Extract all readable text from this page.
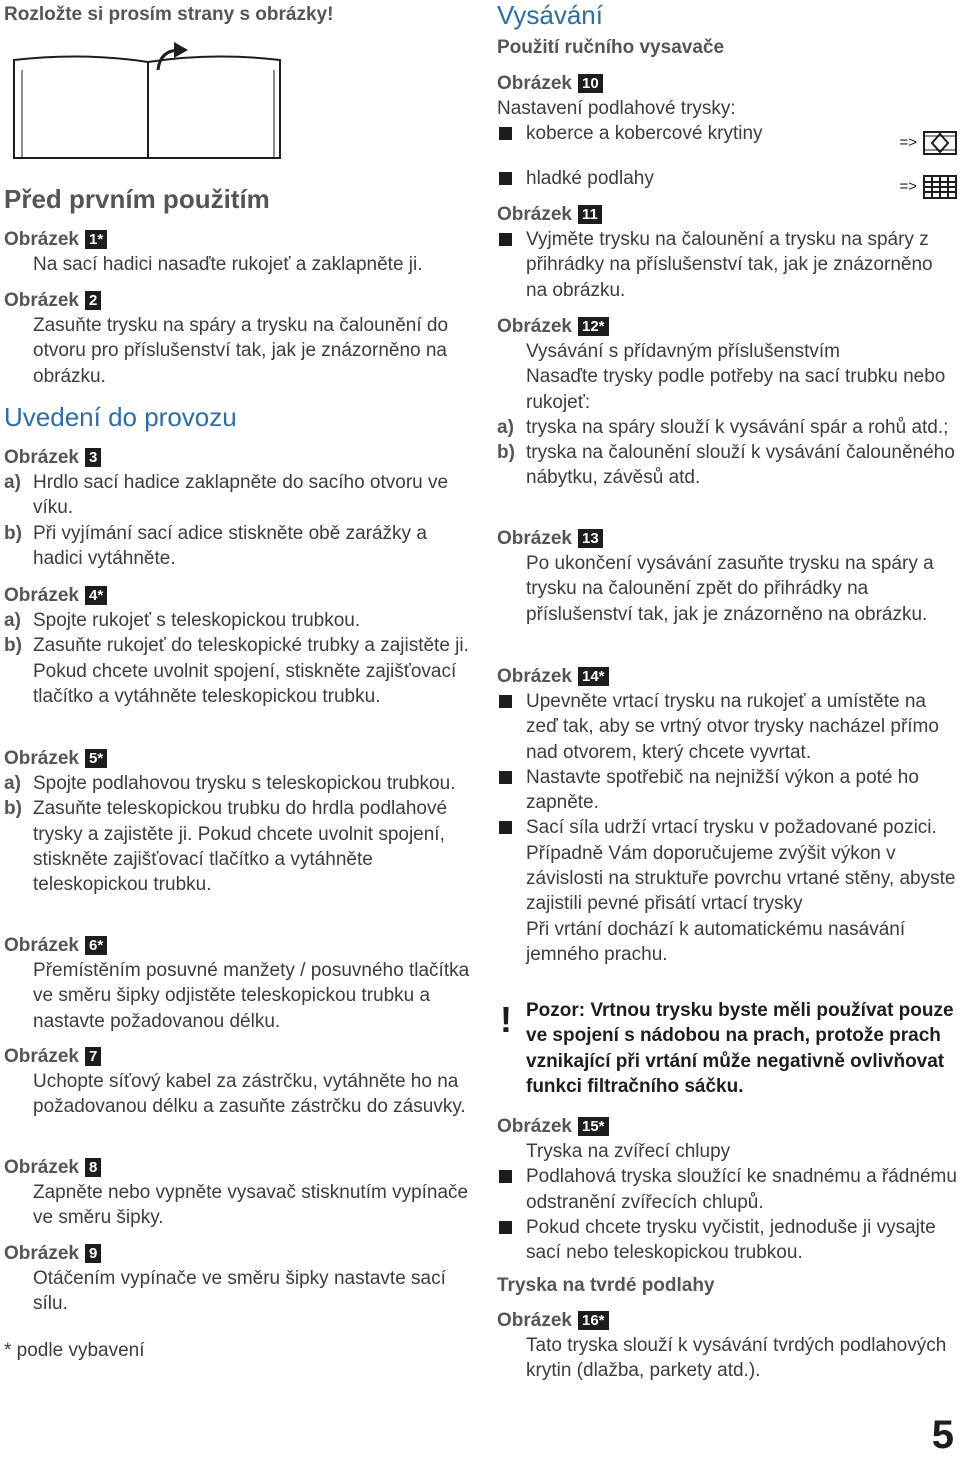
Rozložte si prosím strany s obrázky!
Před prvním použitím
Obrázek 1*
Na sací hadici nasaďte rukojeť a zaklapněte ji.
Obrázek 2
Zasuňte trysku na spáry a trysku na čalounění do otvoru pro příslušenství tak, jak je znázorněno na obrázku.
Uvedení do provozu
Obrázek 3
a) Hrdlo sací hadice zaklapněte do sacího otvoru ve víku.
b) Při vyjímání sací adice stiskněte obě zarážky a hadici vytáhněte.
Obrázek 4*
a) Spojte rukojeť s teleskopickou trubkou.
b) Zasuňte rukojeť do teleskopické trubky a zajistěte ji. Pokud chcete uvolnit spojení, stiskněte zajišťovací tlačítko a vytáhněte teleskopickou trubku.
Obrázek 5*
a) Spojte podlahovou trysku s teleskopickou trubkou.
b) Zasuňte teleskopickou trubku do hrdla podlahové trysky a zajistěte ji. Pokud chcete uvolnit spojení, stiskněte zajišťovací tlačítko a vytáhněte teleskopickou trubku.
Obrázek 6*
Přemístěním posuvné manžety / posuvného tlačítka ve směru šipky odjistěte teleskopickou trubku a nastavte požadovanou délku.
Obrázek 7
Uchopte síťový kabel za zástrčku, vytáhněte ho na požadovanou délku a zasuňte zástrčku do zásuvky.
Obrázek 8
Zapněte nebo vypněte vysavač stisknutím vypínače ve směru šipky.
Obrázek 9
Otáčením vypínače ve směru šipky nastavte sací sílu.
* podle vybavení
Vysávání
Použití ručního vysavače
Obrázek 10
Nastavení podlahové trysky:
koberce a kobercové krytiny	=>
hladké podlahy	=>
Obrázek 11
Vyjměte trysku na čalounění a trysku na spáry z přihrádky na příslušenství tak, jak je znázorněno na obrázku.
Obrázek 12*
Vysávání s přídavným příslušenstvím
Nasaďte trysky podle potřeby na sací trubku nebo rukojeť:
a) tryska na spáry slouží k vysávání spár a rohů atd.;
b) tryska na čalounění slouží k vysávání čalouněného nábytku, závěsů atd.
Obrázek 13
Po ukončení vysávání zasuňte trysku na spáry a trysku na čalounění zpět do přihrádky na příslušenství tak, jak je znázorněno na obrázku.
Obrázek 14*
Upevněte vrtací trysku na rukojeť a umístěte na zeď tak, aby se vrtný otvor trysky nacházel přímo nad otvorem, který chcete vyvrtat.
Nastavte spotřebič na nejnižší výkon a poté ho zapněte.
Sací síla udrží vrtací trysku v požadované pozici.
Případně Vám doporučujeme zvýšit výkon v závislosti na struktuře povrchu vrtané stěny, abyste zajistili pevné přisátí vrtací trysky
Při vrtání dochází k automatickému nasávání jemného prachu.
! Pozor: Vrtnou trysku byste měli používat pouze ve spojení s nádobou na prach, protože prach vznikající při vrtání může negativně ovlivňovat funkci filtračního sáčku.
Obrázek 15*
Tryska na zvířecí chlupy
Podlahová tryska sloužící ke snadnému a řádnému odstranění zvířecích chlupů.
Pokud chcete trysku vyčistit, jednoduše ji vysajte sací nebo teleskopickou trubkou.
Tryska na tvrdé podlahy
Obrázek 16*
Tato tryska slouží k vysávání tvrdých podlahových krytin (dlažba, parkety atd.).
5
